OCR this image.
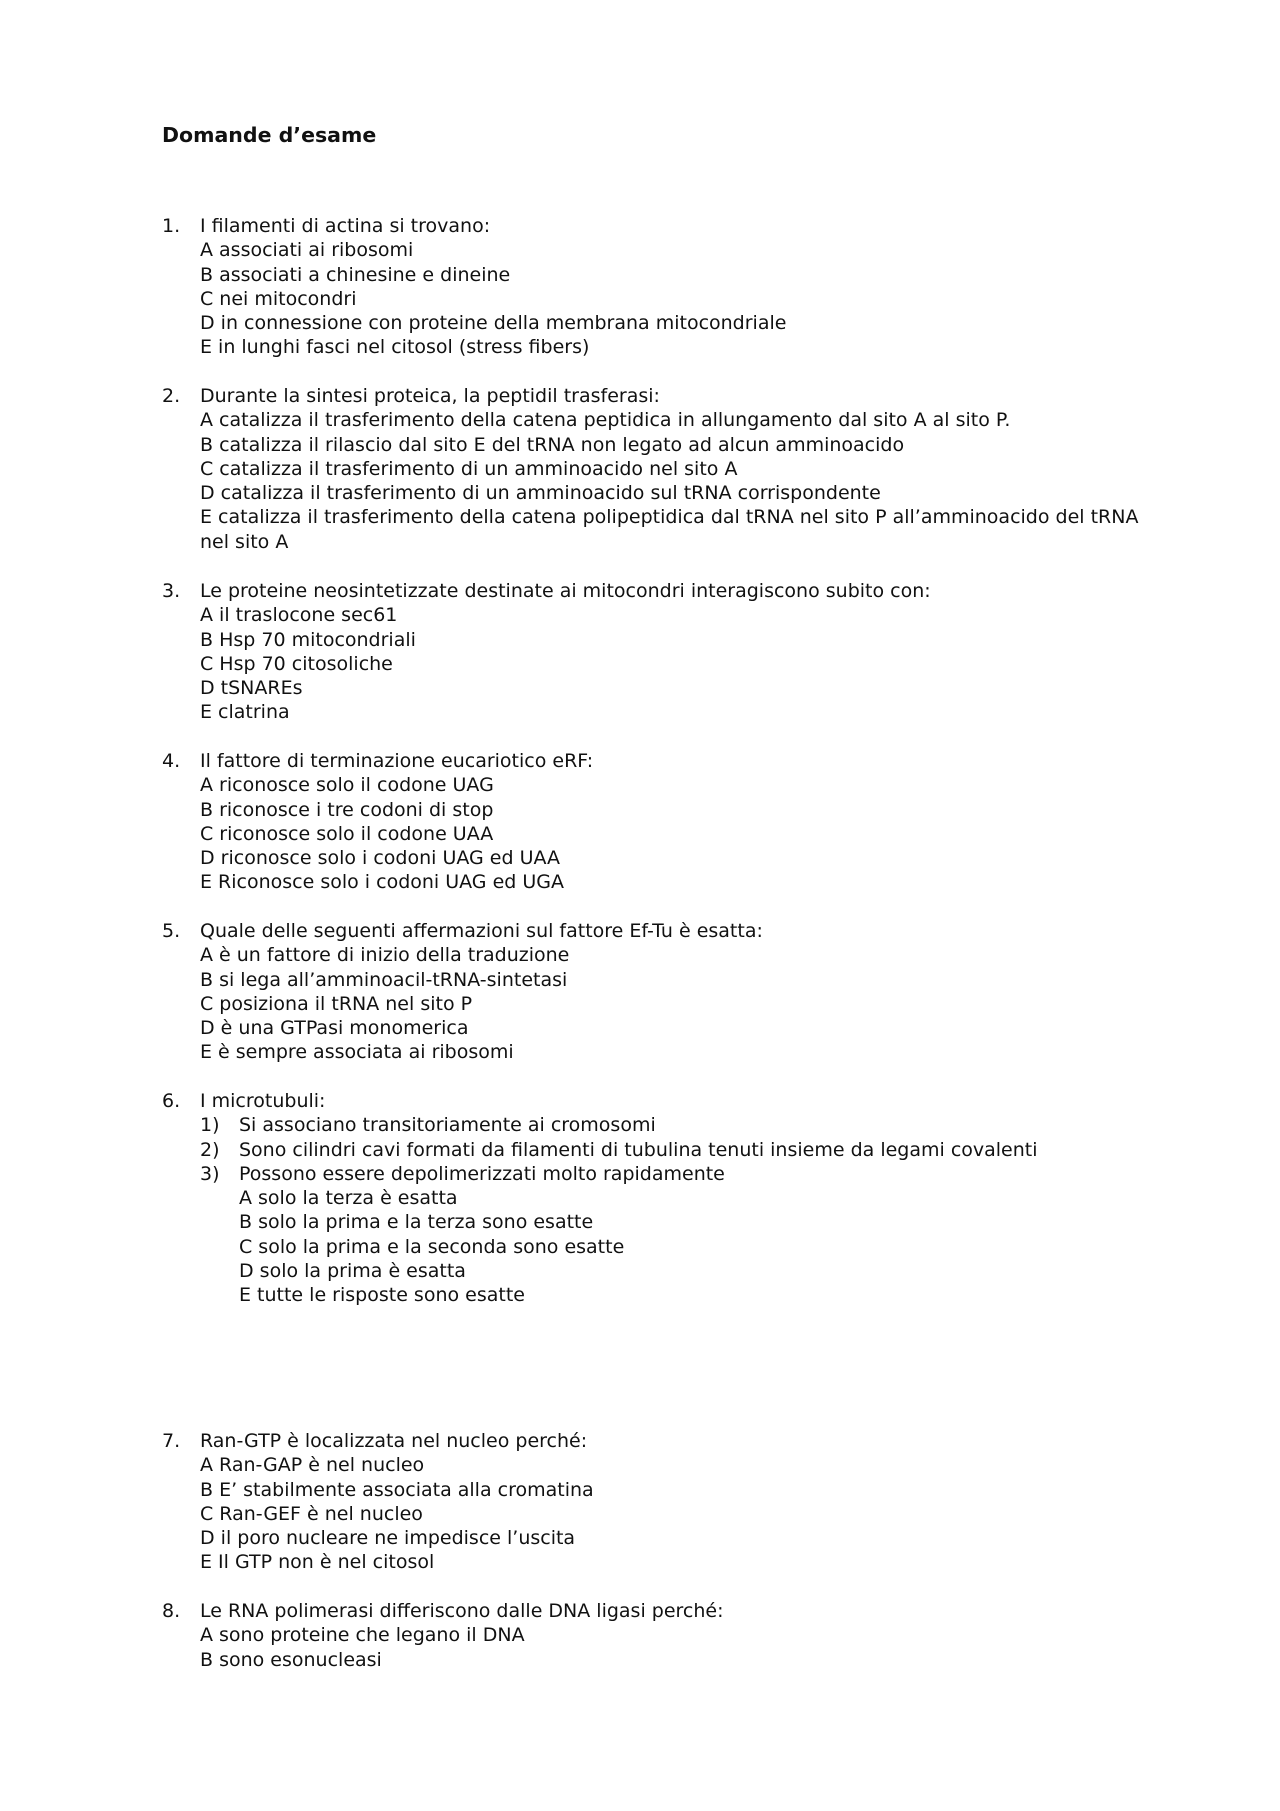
Domande d’esame
1. I filamenti di actina si trovano:
A associati ai ribosomi
B associati a chinesine e dineine
C nei mitocondri
D in connessione con proteine della membrana mitocondriale
E in lunghi fasci nel citosol (stress fibers)
2. Durante la sintesi proteica, la peptidil trasferasi:
A catalizza il trasferimento della catena peptidica in allungamento dal sito A al sito P.
B catalizza il rilascio dal sito E del tRNA non legato ad alcun amminoacido
C catalizza il trasferimento di un amminoacido nel sito A
D catalizza il trasferimento di un amminoacido sul tRNA corrispondente
E catalizza il trasferimento della catena polipeptidica dal tRNA nel sito P all’amminoacido del tRNA
nel sito A
3. Le proteine neosintetizzate destinate ai mitocondri interagiscono subito con:
A il traslocone sec61
B Hsp 70 mitocondriali
C Hsp 70 citosoliche
D tSNAREs
E clatrina
4. Il fattore di terminazione eucariotico eRF:
A riconosce solo il codone UAG
B riconosce i tre codoni di stop
C riconosce solo il codone UAA
D riconosce solo i codoni UAG ed UAA
E Riconosce solo i codoni UAG ed UGA
5. Quale delle seguenti affermazioni sul fattore Ef-Tu è esatta:
A è un fattore di inizio della traduzione
B si lega all’amminoacil-tRNA-sintetasi
C posiziona il tRNA nel sito P
D è una GTPasi monomerica
E è sempre associata ai ribosomi
6. I microtubuli:
1) Si associano transitoriamente ai cromosomi
2) Sono cilindri cavi formati da filamenti di tubulina tenuti insieme da legami covalenti
3) Possono essere depolimerizzati molto rapidamente
A solo la terza è esatta
B solo la prima e la terza sono esatte
C solo la prima e la seconda sono esatte
D solo la prima è esatta
E tutte le risposte sono esatte
7. Ran-GTP è localizzata nel nucleo perché:
A Ran-GAP è nel nucleo
B E’ stabilmente associata alla cromatina
C Ran-GEF è nel nucleo
D il poro nucleare ne impedisce l’uscita
E Il GTP non è nel citosol
8. Le RNA polimerasi differiscono dalle DNA ligasi perché:
A sono proteine che legano il DNA
B sono esonucleasi
